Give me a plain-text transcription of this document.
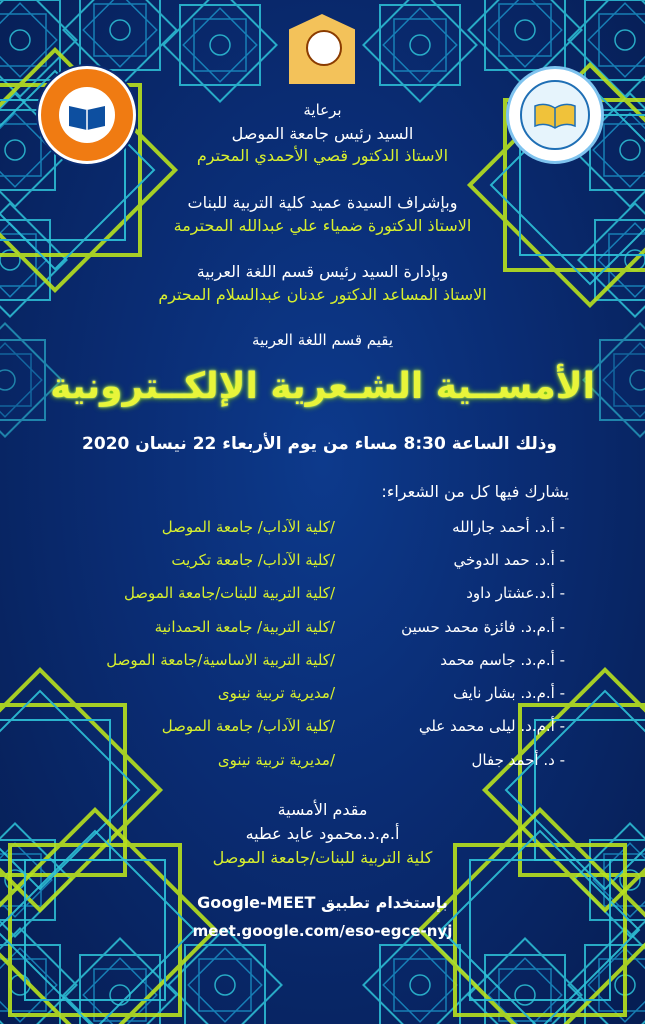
برعاية
السيد رئيس جامعة الموصل
الاستاذ الدكتور قصي الأحمدي المحترم
وبإشراف السيدة عميد كلية التربية للبنات
الاستاذ الدكتورة ضمياء علي عبدالله المحترمة
وبإدارة السيد رئيس قسم اللغة العربية
الاستاذ المساعد الدكتور عدنان عبدالسلام المحترم
يقيم قسم اللغة العربية
الأمســية الشـعرية الإلكــترونية
وذلك الساعة 8:30 مساء من يوم الأربعاء 22 نيسان 2020
يشارك فيها كل من الشعراء:
- أ.د. أحمد جارالله
/كلية الآداب/ جامعة الموصل
- أ.د. حمد الدوخي
/كلية الآداب/ جامعة تكريت
- أ.د.عشتار داود
/كلية التربية للبنات/جامعة الموصل
- أ.م.د. فائزة محمد حسين
/كلية التربية/ جامعة الحمدانية
- أ.م.د. جاسم محمد
/كلية التربية الاساسية/جامعة الموصل
- أ.م.د. بشار نايف
/مديرية تربية نينوى
- أ.م.د. ليلى محمد علي
/كلية الآداب/ جامعة الموصل
- د. أحمد جفال
/مديرية تربية نينوى
مقدم الأمسية
أ.م.د.محمود عايد عطيه
كلية التربية للبنات/جامعة الموصل
بإستخدام تطبيق Google-MEET
meet.google.com/eso-egce-nyj
